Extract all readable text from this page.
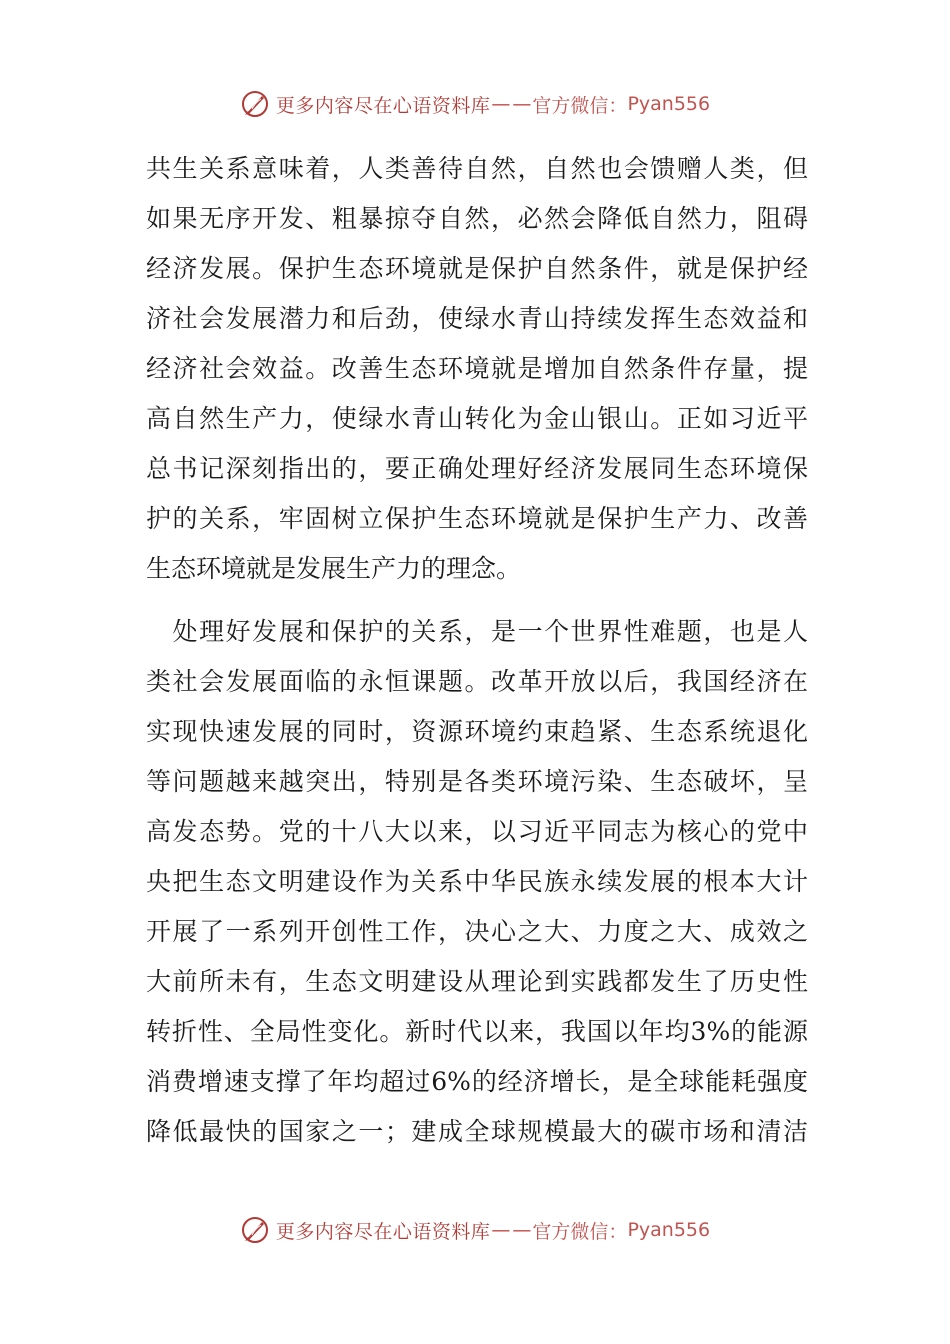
更多内容尽在心语资料库 — — 官方微信： Pyan556
共生关系意味着，人类善待自然，自然也会馈赠人类，但
如果无序开发、粗暴掠夺自然，必然会降低自然力，阻碍
经济发展。保护生态环境就是保护自然条件，就是保护经
济社会发展潜力和后劲，使绿水青山持续发挥生态效益和
经济社会效益。改善生态环境就是增加自然条件存量，提
高自然生产力，使绿水青山转化为金山银山。正如习近平
总书记深刻指出的，要正确处理好经济发展同生态环境保
护的关系，牢固树立保护生态环境就是保护生产力、改善
生态环境就是发展生产力的理念。
　处理好发展和保护的关系，是一个世界性难题，也是人
类社会发展面临的永恒课题。改革开放以后，我国经济在
实现快速发展的同时，资源环境约束趋紧、生态系统退化
等问题越来越突出，特别是各类环境污染、生态破坏，呈
高发态势。党的十八大以来，以习近平同志为核心的党中
央把生态文明建设作为关系中华民族永续发展的根本大计
开展了一系列开创性工作，决心之大、力度之大、成效之
大前所未有，生态文明建设从理论到实践都发生了历史性
转折性、全局性变化。新时代以来，我国以年均3%的能源
消费增速支撑了年均超过6%的经济增长，是全球能耗强度
降低最快的国家之一；建成全球规模最大的碳市场和清洁
更多内容尽在心语资料库 — — 官方微信： Pyan556
